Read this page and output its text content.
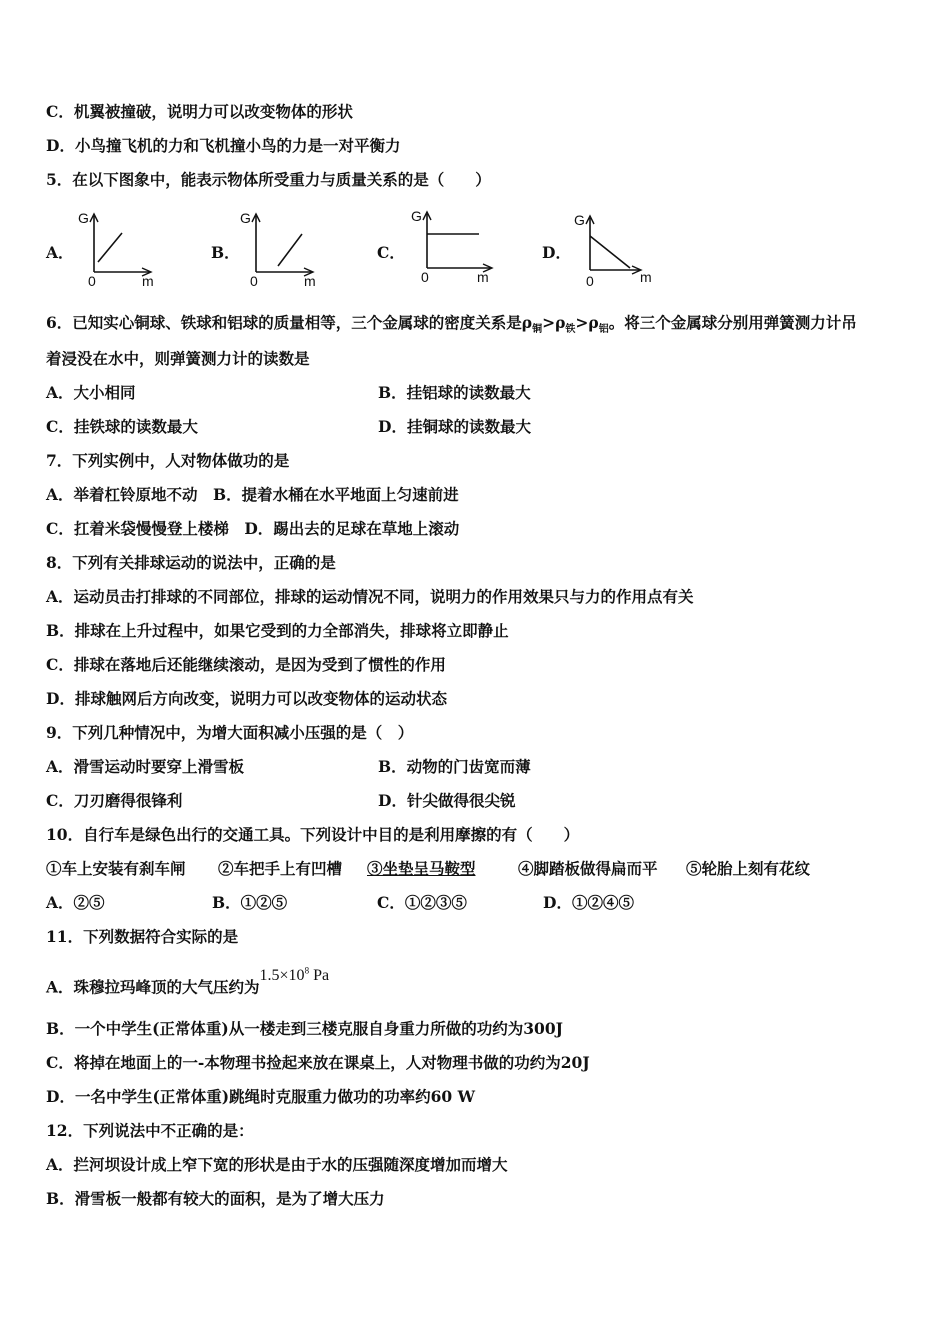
C．机翼被撞破，说明力可以改变物体的形状
D．小鸟撞飞机的力和飞机撞小鸟的力是一对平衡力
5．在以下图象中，能表示物体所受重力与质量关系的是（　　）
A．
G
0	m
B．
G
0	m
C．
G
0	m
D．
G
0	m
6．已知实心铜球、铁球和铝球的质量相等，三个金属球的密度关系是$\rho_铜>\rho_铁>\rho_铝$。将三个金属球分别用弹簧测力计吊
着浸没在水中，则弹簧测力计的读数是
A．大小相同	B．挂铝球的读数最大
C．挂铁球的读数最大	D．挂铜球的读数最大
7．下列实例中，人对物体做功的是
A．举着杠铃原地不动　B．提着水桶在水平地面上匀速前进
C．扛着米袋慢慢登上楼梯　D．踢出去的足球在草地上滚动
8．下列有关排球运动的说法中，正确的是
A．运动员击打排球的不同部位，排球的运动情况不同，说明力的作用效果只与力的作用点有关
B．排球在上升过程中，如果它受到的力全部消失，排球将立即静止
C．排球在落地后还能继续滚动，是因为受到了惯性的作用
D．排球触网后方向改变，说明力可以改变物体的运动状态
9．下列几种情况中，为增大面积减小压强的是（　）
A．滑雪运动时要穿上滑雪板	B．动物的门齿宽而薄
C．刀刃磨得很锋利	D．针尖做得很尖锐
10．自行车是绿色出行的交通工具。下列设计中目的是利用摩擦的有（　　）
①车上安装有刹车闸 ②车把手上有凹槽 ③坐垫呈马鞍型	④脚踏板做得扁而平 ⑤轮胎上刻有花纹
A．②⑤	B．①②⑤	C．①②③⑤	D．①②④⑤
11．下列数据符合实际的是
A．珠穆拉玛峰顶的大气压约为$1.5\times 10^8$ Pa
B．一个中学生(正常体重)从一楼走到三楼克服自身重力所做的功约为300J
C．将掉在地面上的一-本物理书捡起来放在课桌上，人对物理书做的功约为20J
D．一名中学生(正常体重)跳绳时克服重力做功的功率约60 W
12．下列说法中不正确的是：
A．拦河坝设计成上窄下宽的形状是由于水的压强随深度增加而增大
B．滑雪板一般都有较大的面积，是为了增大压力
